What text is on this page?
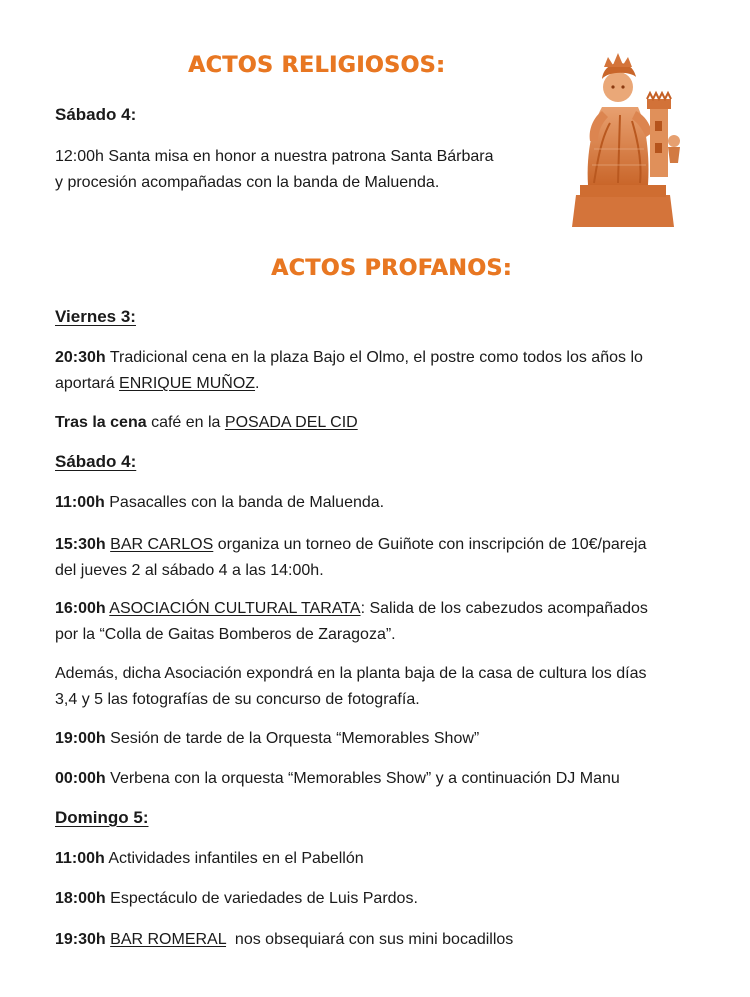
ACTOS RELIGIOSOS:
Sábado 4:
12:00h Santa misa en honor a nuestra patrona Santa Bárbara
y procesión acompañadas con la banda de Maluenda.
ACTOS PROFANOS:
Viernes 3:
20:30h Tradicional cena en la plaza Bajo el Olmo, el postre como todos los años lo
aportará ENRIQUE MUÑOZ.
Tras la cena café en la POSADA DEL CID
Sábado 4:
11:00h Pasacalles con la banda de Maluenda.
15:30h BAR CARLOS organiza un torneo de Guiñote con inscripción de 10€/pareja
del jueves 2 al sábado 4 a las 14:00h.
16:00h ASOCIACIÓN CULTURAL TARATA: Salida de los cabezudos acompañados
por la “Colla de Gaitas Bomberos de Zaragoza”.
Además, dicha Asociación expondrá en la planta baja de la casa de cultura los días
3,4 y 5 las fotografías de su concurso de fotografía.
19:00h Sesión de tarde de la Orquesta “Memorables Show”
00:00h Verbena con la orquesta “Memorables Show” y a continuación DJ Manu
Domingo 5:
11:00h Actividades infantiles en el Pabellón
18:00h Espectáculo de variedades de Luis Pardos.
19:30h BAR ROMERAL  nos obsequiará con sus mini bocadillos
